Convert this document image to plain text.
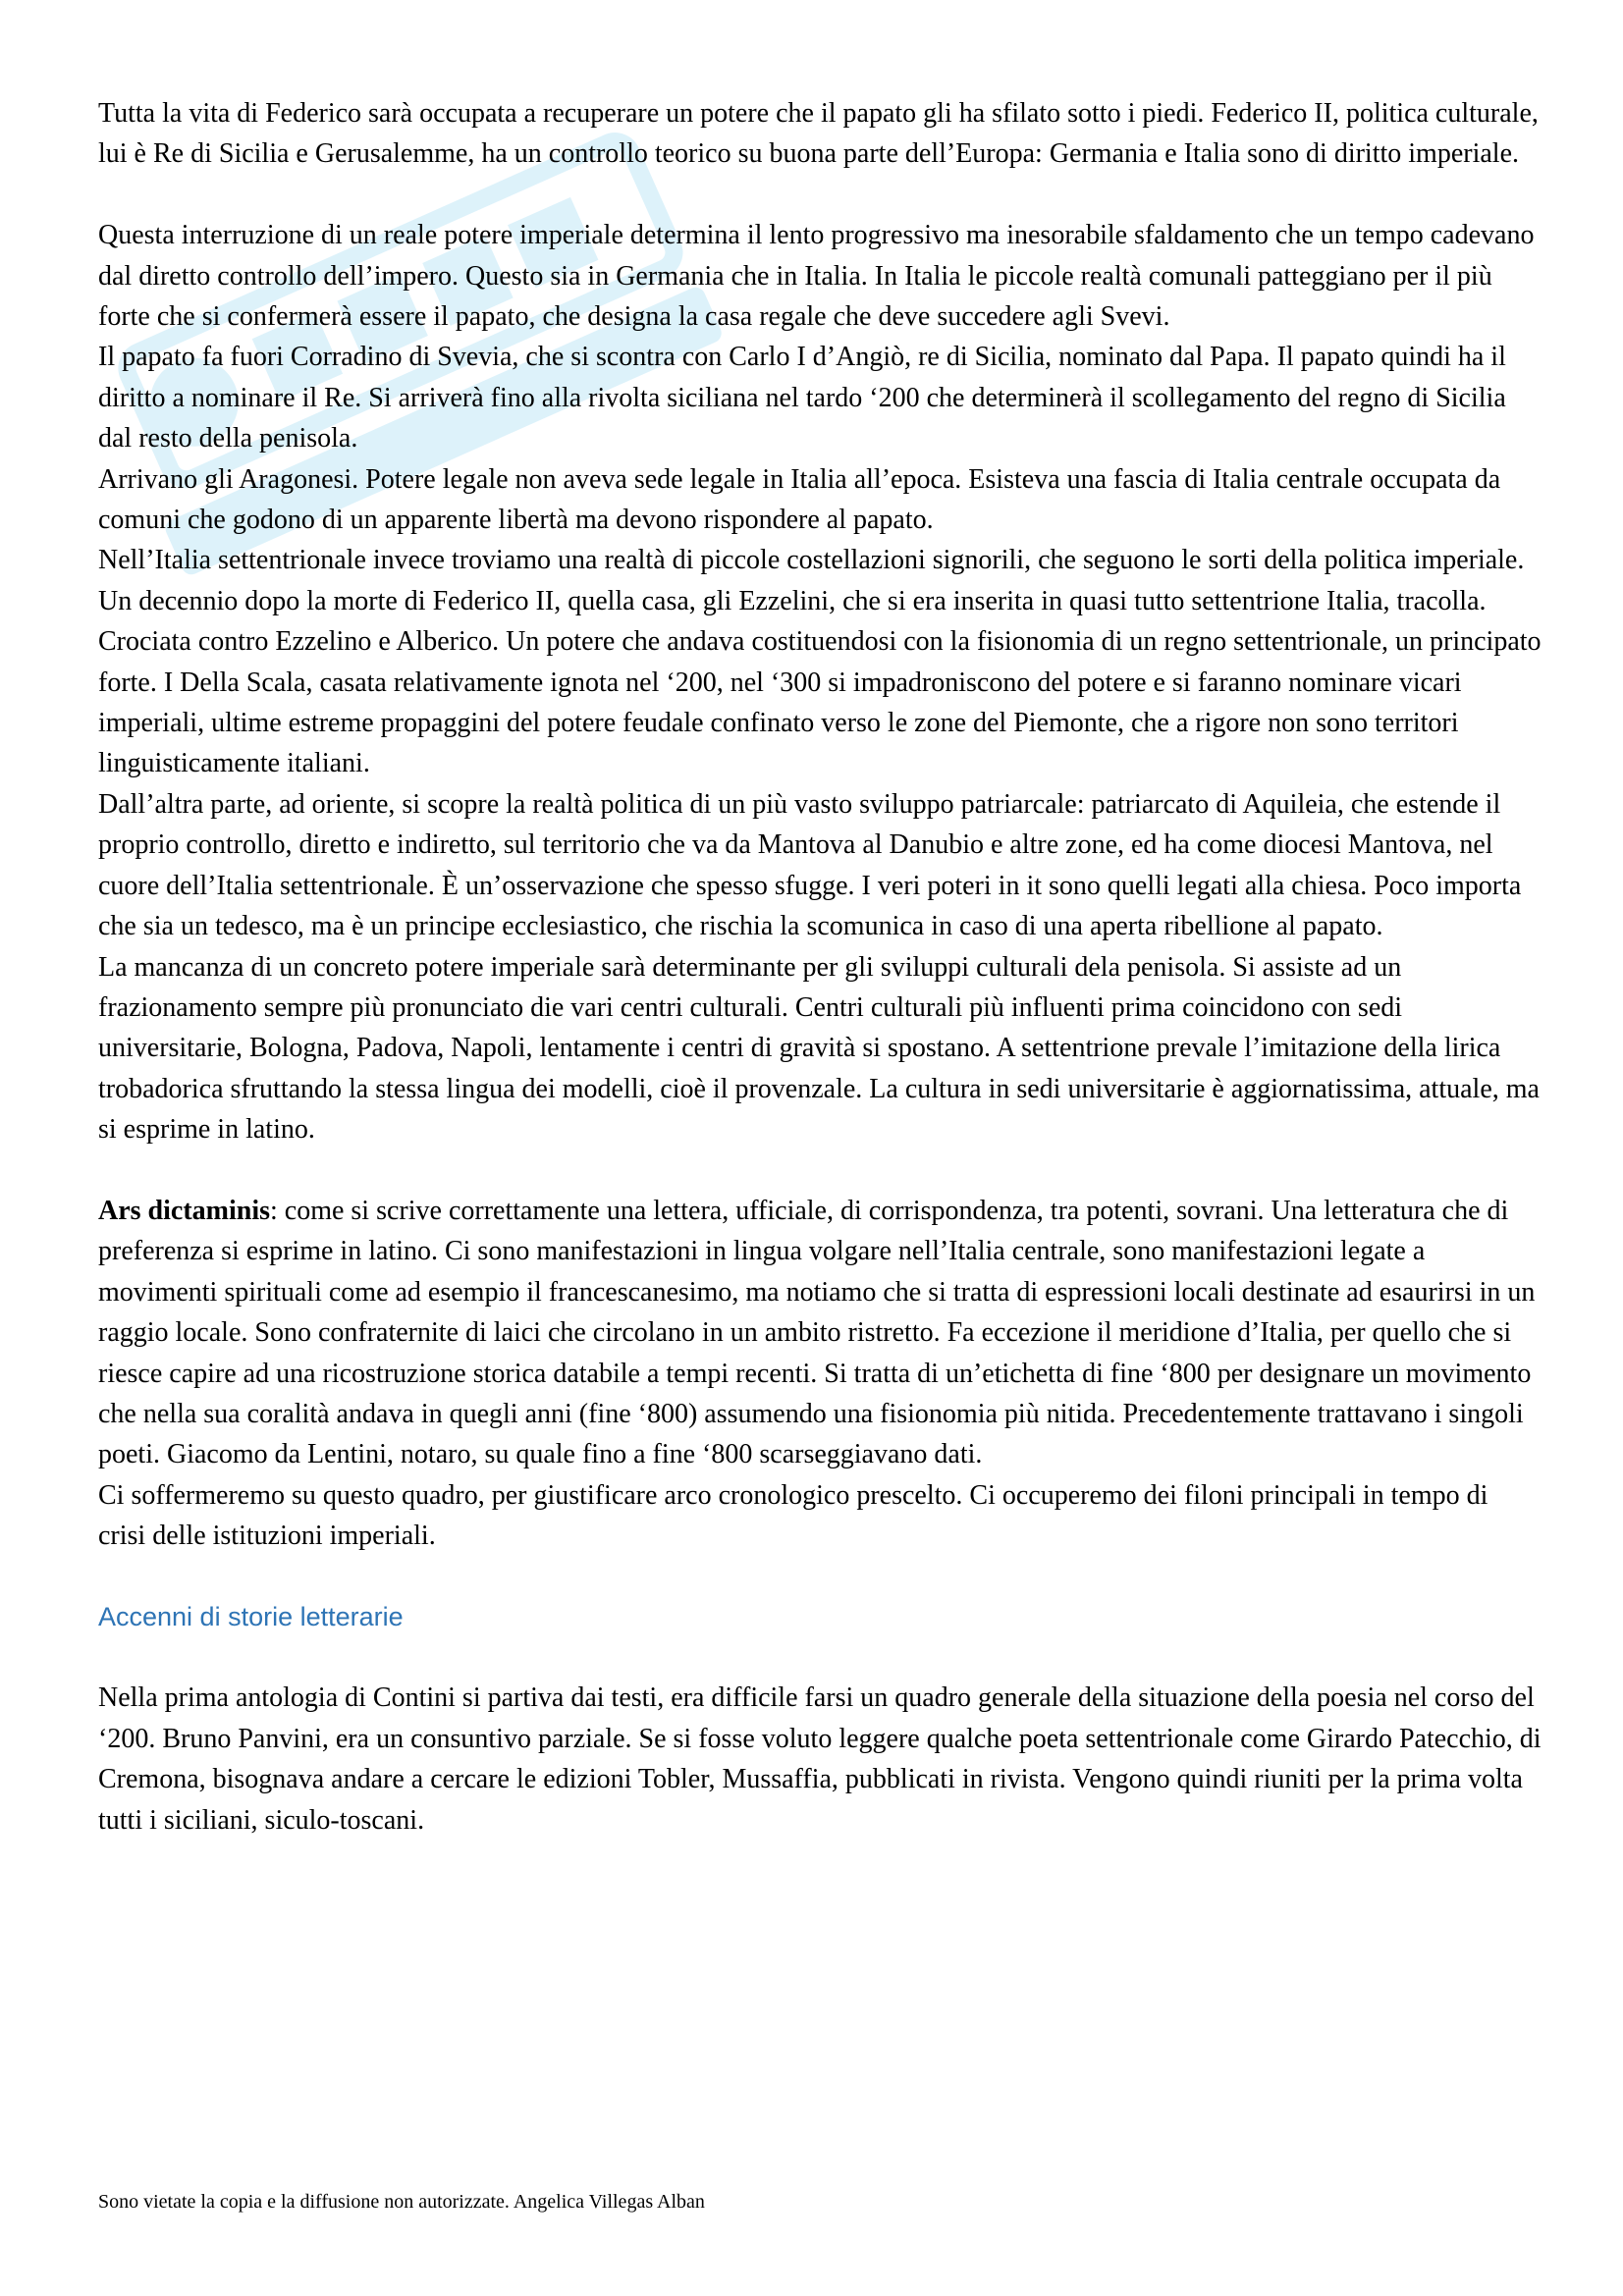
Tutta la vita di Federico sarà occupata a recuperare un potere che il papato gli ha sfilato sotto i piedi. Federico II, politica culturale, lui è Re di Sicilia e Gerusalemme, ha un controllo teorico su buona parte dell’Europa: Germania e Italia sono di diritto imperiale.

Questa interruzione di un reale potere imperiale determina il lento progressivo ma inesorabile sfaldamento che un tempo cadevano dal diretto controllo dell’impero. Questo sia in Germania che in Italia. In Italia le piccole realtà comunali patteggiano per il più forte che si confermerà essere il papato, che designa la casa regale che deve succedere agli Svevi.

Il papato fa fuori Corradino di Svevia, che si scontra con Carlo I d’Angiò, re di Sicilia, nominato dal Papa. Il papato quindi ha il diritto a nominare il Re. Si arriverà fino alla rivolta siciliana nel tardo ‘200 che determinerà il scollegamento del regno di Sicilia dal resto della penisola.

Arrivano gli Aragonesi. Potere legale non aveva sede legale in Italia all’epoca. Esisteva una fascia di Italia centrale occupata da comuni che godono di un apparente libertà ma devono rispondere al papato.

Nell’Italia settentrionale invece troviamo una realtà di piccole costellazioni signorili, che seguono le sorti della politica imperiale. Un decennio dopo la morte di Federico II, quella casa, gli Ezzelini, che si era inserita in quasi tutto settentrione Italia, tracolla.

Crociata contro Ezzelino e Alberico. Un potere che andava costituendosi con la fisionomia di un regno settentrionale, un principato forte. I Della Scala, casata relativamente ignota nel ‘200, nel ‘300 si impadroniscono del potere e si faranno nominare vicari imperiali, ultime estreme propaggini del potere feudale confinato verso le zone del Piemonte, che a rigore non sono territori linguisticamente italiani.

Dall’altra parte, ad oriente, si scopre la realtà politica di un più vasto sviluppo patriarcale: patriarcato di Aquileia, che estende il proprio controllo, diretto e indiretto, sul territorio che va da Mantova al Danubio e altre zone, ed ha come diocesi Mantova, nel cuore dell’Italia settentrionale. È un’osservazione che spesso sfugge. I veri poteri in it sono quelli legati alla chiesa. Poco importa che sia un tedesco, ma è un principe ecclesiastico, che rischia la scomunica in caso di una aperta ribellione al papato.

La mancanza di un concreto potere imperiale sarà determinante per gli sviluppi culturali dela penisola. Si assiste ad un frazionamento sempre più pronunciato die vari centri culturali. Centri culturali più influenti prima coincidono con sedi universitarie, Bologna, Padova, Napoli, lentamente i centri di gravità si spostano. A settentrione prevale l’imitazione della lirica trobadorica sfruttando la stessa lingua dei modelli, cioè il provenzale. La cultura in sedi universitarie è aggiornatissima, attuale, ma si esprime in latino.

Ars dictaminis: come si scrive correttamente una lettera, ufficiale, di corrispondenza, tra potenti, sovrani. Una letteratura che di preferenza si esprime in latino. Ci sono manifestazioni in lingua volgare nell’Italia centrale, sono manifestazioni legate a movimenti spirituali come ad esempio il francescanesimo, ma notiamo che si tratta di espressioni locali destinate ad esaurirsi in un raggio locale. Sono confraternite di laici che circolano in un ambito ristretto. Fa eccezione il meridione d’Italia, per quello che si riesce capire ad una ricostruzione storica databile a tempi recenti. Si tratta di un’etichetta di fine ‘800 per designare un movimento che nella sua coralità andava in quegli anni (fine ‘800) assumendo una fisionomia più nitida. Precedentemente trattavano i singoli poeti. Giacomo da Lentini, notaro, su quale fino a fine ‘800 scarseggiavano dati.

Ci soffermeremo su questo quadro, per giustificare arco cronologico prescelto. Ci occuperemo dei filoni principali in tempo di crisi delle istituzioni imperiali.

Accenni di storie letterarie

Nella prima antologia di Contini si partiva dai testi, era difficile farsi un quadro generale della situazione della poesia nel corso del ‘200. Bruno Panvini, era un consuntivo parziale. Se si fosse voluto leggere qualche poeta settentrionale come Girardo Patecchio, di Cremona, bisognava andare a cercare le edizioni Tobler, Mussaffia, pubblicati in rivista. Vengono quindi riuniti per la prima volta tutti i siciliani, siculo-toscani.

Sono vietate la copia e la diffusione non autorizzate. Angelica Villegas Alban
